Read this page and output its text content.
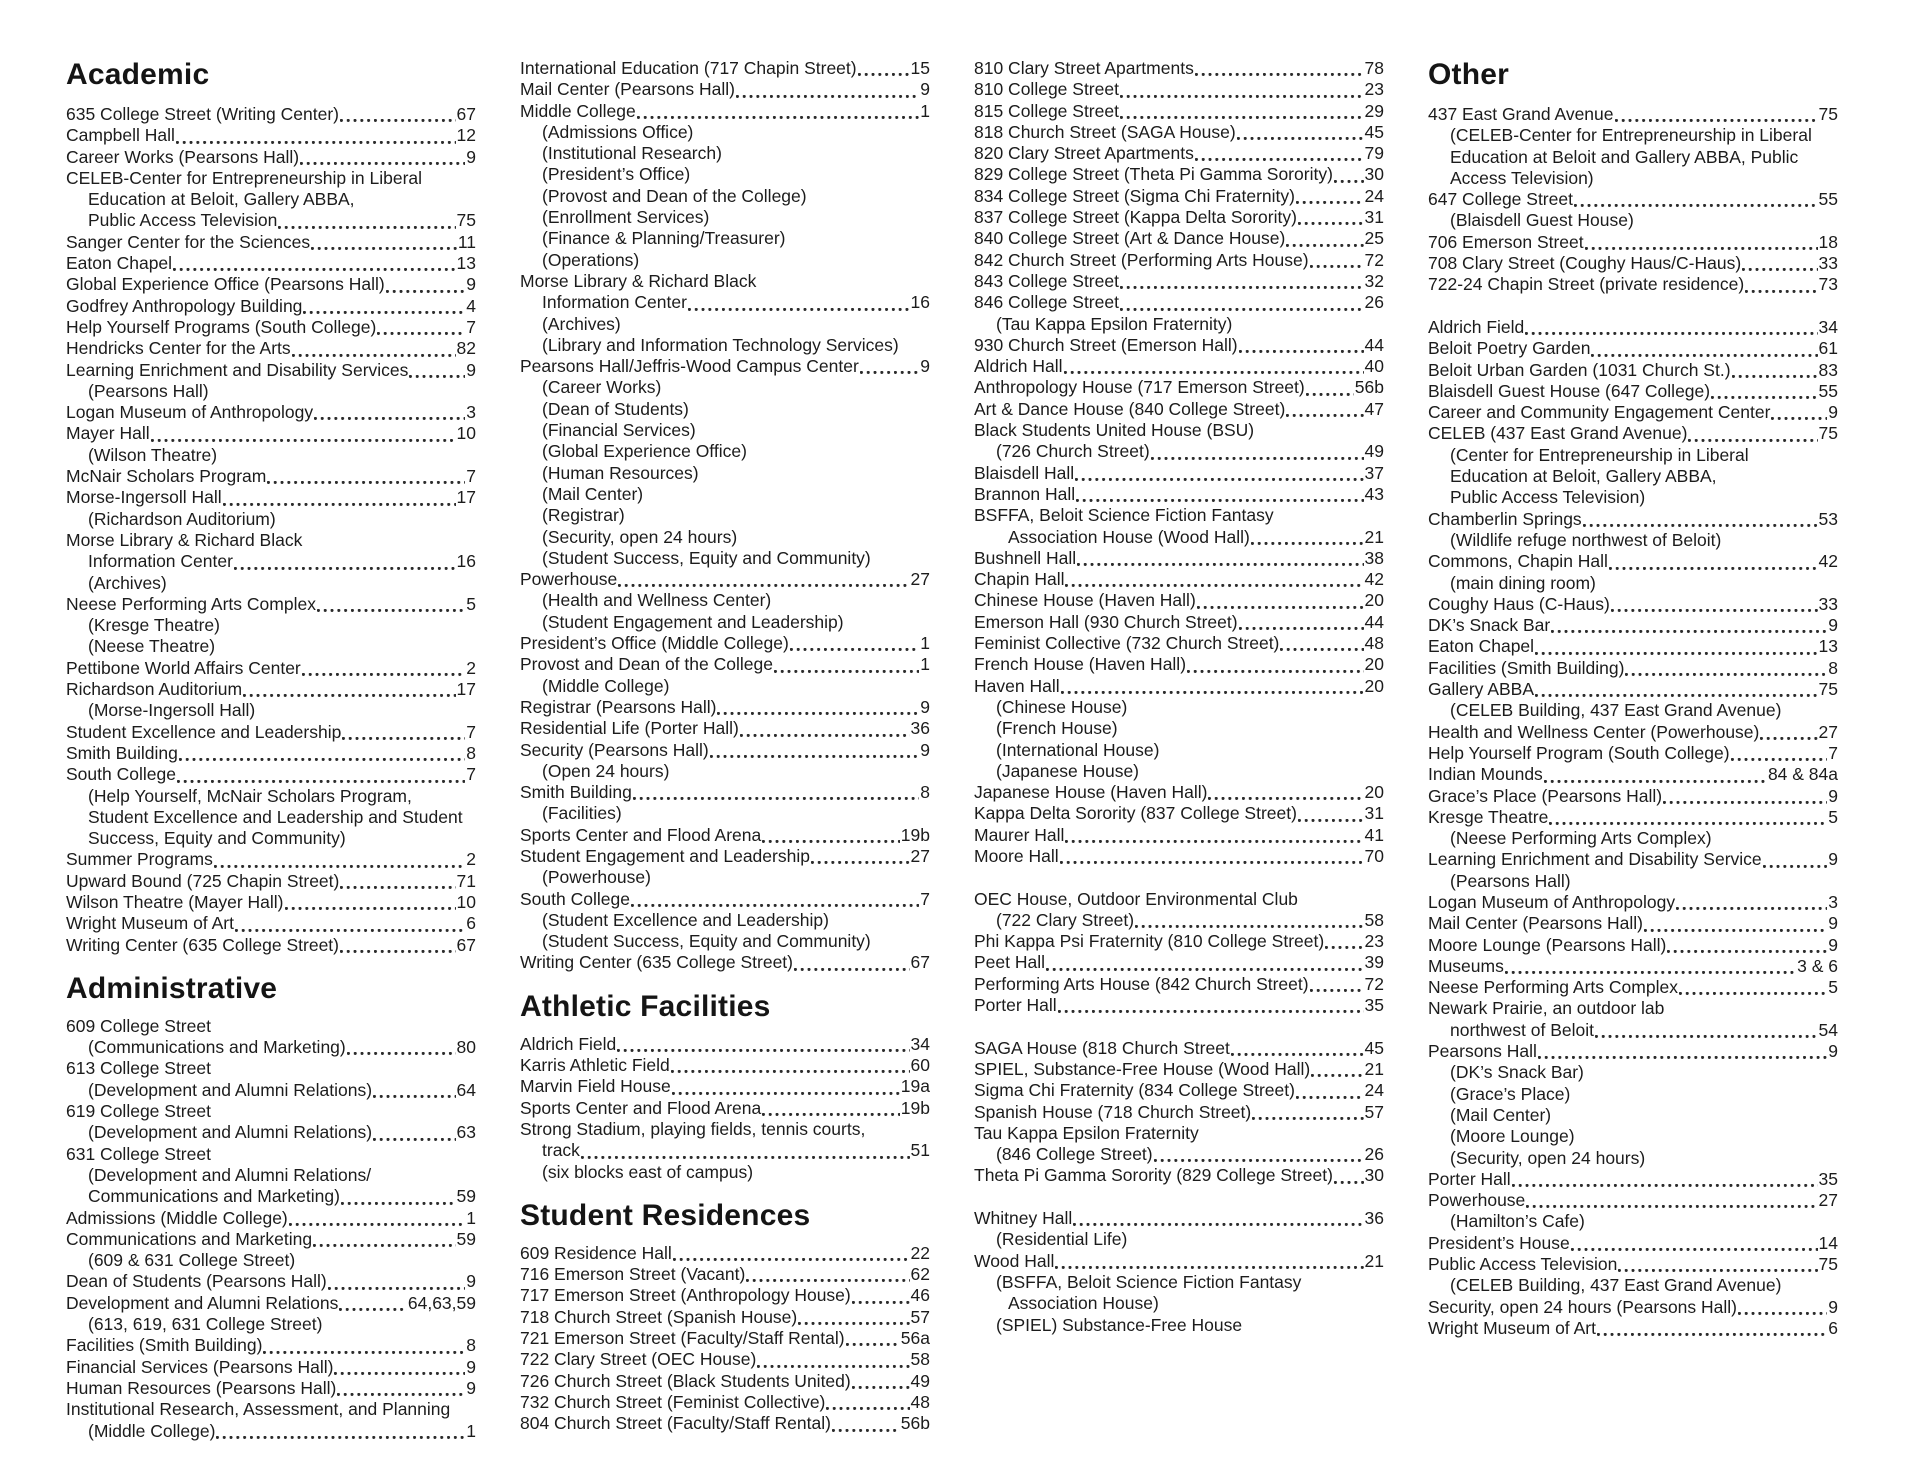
Academic
635 College Street (Writing Center)	67
Campbell Hall	12
Career Works (Pearsons Hall)	9
CELEB-Center for Entrepreneurship in Liberal
Education at Beloit, Gallery ABBA,
Public Access Television	75
Sanger Center for the Sciences	11
Eaton Chapel	13
Global Experience Office (Pearsons Hall)	9
Godfrey Anthropology Building	4
Help Yourself Programs (South College)	7
Hendricks Center for the Arts	82
Learning Enrichment and Disability Services	9
(Pearsons Hall)
Logan Museum of Anthropology	3
Mayer Hall	10
(Wilson Theatre)
McNair Scholars Program	7
Morse-Ingersoll Hall	17
(Richardson Auditorium)
Morse Library & Richard Black
Information Center	16
(Archives)
Neese Performing Arts Complex	5
(Kresge Theatre)
(Neese Theatre)
Pettibone World Affairs Center	2
Richardson Auditorium	17
(Morse-Ingersoll Hall)
Student Excellence and Leadership	7
Smith Building	8
South College	7
(Help Yourself, McNair Scholars Program,
Student Excellence and Leadership and Student
Success, Equity and Community)
Summer Programs	2
Upward Bound (725 Chapin Street)	71
Wilson Theatre (Mayer Hall)	10
Wright Museum of Art	6
Writing Center (635 College Street)	67
Administrative
609 College Street
(Communications and Marketing)	80
613 College Street
(Development and Alumni Relations)	64
619 College Street
(Development and Alumni Relations)	63
631 College Street
(Development and Alumni Relations/
Communications and Marketing)	59
Admissions (Middle College)	1
Communications and Marketing	59
(609 & 631 College Street)
Dean of Students (Pearsons Hall)	9
Development and Alumni Relations	64,63,59
(613, 619, 631 College Street)
Facilities (Smith Building)	8
Financial Services (Pearsons Hall)	9
Human Resources (Pearsons Hall)	9
Institutional Research, Assessment, and Planning
(Middle College)	1
International Education (717 Chapin Street)	15
Mail Center (Pearsons Hall)	9
Middle College	1
(Admissions Office)
(Institutional Research)
(President’s Office)
(Provost and Dean of the College)
(Enrollment Services)
(Finance & Planning/Treasurer)
(Operations)
Morse Library & Richard Black
Information Center	16
(Archives)
(Library and Information Technology Services)
Pearsons Hall/Jeffris-Wood Campus Center	9
(Career Works)
(Dean of Students)
(Financial Services)
(Global Experience Office)
(Human Resources)
(Mail Center)
(Registrar)
(Security, open 24 hours)
(Student Success, Equity and Community)
Powerhouse	27
(Health and Wellness Center)
(Student Engagement and Leadership)
President’s Office (Middle College)	1
Provost and Dean of the College	1
(Middle College)
Registrar (Pearsons Hall)	9
Residential Life (Porter Hall)	36
Security (Pearsons Hall)	9
(Open 24 hours)
Smith Building	8
(Facilities)
Sports Center and Flood Arena	19b
Student Engagement and Leadership	27
(Powerhouse)
South College	7
(Student Excellence and Leadership)
(Student Success, Equity and Community)
Writing Center (635 College Street)	67
Athletic Facilities
Aldrich Field	34
Karris Athletic Field	60
Marvin Field House	19a
Sports Center and Flood Arena	19b
Strong Stadium, playing fields, tennis courts,
track	51
(six blocks east of campus)
Student Residences
609 Residence Hall	22
716 Emerson Street (Vacant)	62
717 Emerson Street (Anthropology House)	46
718 Church Street (Spanish House)	57
721 Emerson Street (Faculty/Staff Rental)	56a
722 Clary Street (OEC House)	58
726 Church Street (Black Students United)	49
732 Church Street (Feminist Collective)	48
804 Church Street (Faculty/Staff Rental)	56b
810 Clary Street Apartments	78
810 College Street	23
815 College Street	29
818 Church Street (SAGA House)	45
820 Clary Street Apartments	79
829 College Street (Theta Pi Gamma Sorority) 30
834 College Street (Sigma Chi Fraternity)	24
837 College Street (Kappa Delta Sorority)	31
840 College Street (Art & Dance House)	25
842 Church Street (Performing Arts House)	72
843 College Street	32
846 College Street	26
(Tau Kappa Epsilon Fraternity)
930 Church Street (Emerson Hall)	44
Aldrich Hall	40
Anthropology House (717 Emerson Street)	56b
Art & Dance House (840 College Street)	47
Black Students United House (BSU)
(726 Church Street)	49
Blaisdell Hall	37
Brannon Hall	43
BSFFA, Beloit Science Fiction Fantasy
Association House (Wood Hall)	21
Bushnell Hall	38
Chapin Hall	42
Chinese House (Haven Hall)	20
Emerson Hall (930 Church Street)	44
Feminist Collective (732 Church Street)	48
French House (Haven Hall)	20
Haven Hall	20
(Chinese House)
(French House)
(International House)
(Japanese House)
Japanese House (Haven Hall)	20
Kappa Delta Sorority (837 College Street)	31
Maurer Hall	41
Moore Hall	70
OEC House, Outdoor Environmental Club
(722 Clary Street)	58
Phi Kappa Psi Fraternity (810 College Street) 23
Peet Hall	39
Performing Arts House (842 Church Street)	72
Porter Hall	35
SAGA House (818 Church Street	45
SPIEL, Substance-Free House (Wood Hall)	21
Sigma Chi Fraternity (834 College Street)	24
Spanish House (718 Church Street)	57
Tau Kappa Epsilon Fraternity
(846 College Street)	26
Theta Pi Gamma Sorority (829 College Street) 30
Whitney Hall	36
(Residential Life)
Wood Hall	21
(BSFFA, Beloit Science Fiction Fantasy
Association House)
(SPIEL) Substance-Free House
Other
437 East Grand Avenue	75
(CELEB-Center for Entrepreneurship in Liberal
Education at Beloit and Gallery ABBA, Public
Access Television)
647 College Street	55
(Blaisdell Guest House)
706 Emerson Street	18
708 Clary Street (Coughy Haus/C-Haus)	33
722-24 Chapin Street (private residence)	73
Aldrich Field	34
Beloit Poetry Garden	61
Beloit Urban Garden (1031 Church St.)	83
Blaisdell Guest House (647 College)	55
Career and Community Engagement Center	9
CELEB (437 East Grand Avenue)	75
(Center for Entrepreneurship in Liberal
Education at Beloit, Gallery ABBA,
Public Access Television)
Chamberlin Springs	53
(Wildlife refuge northwest of Beloit)
Commons, Chapin Hall	42
(main dining room)
Coughy Haus (C-Haus)	33
DK’s Snack Bar	9
Eaton Chapel	13
Facilities (Smith Building)	8
Gallery ABBA	75
(CELEB Building, 437 East Grand Avenue)
Health and Wellness Center (Powerhouse)	27
Help Yourself Program (South College)	7
Indian Mounds	84 & 84a
Grace’s Place (Pearsons Hall)	9
Kresge Theatre	5
(Neese Performing Arts Complex)
Learning Enrichment and Disability Service	9
(Pearsons Hall)
Logan Museum of Anthropology	3
Mail Center (Pearsons Hall)	9
Moore Lounge (Pearsons Hall)	9
Museums	3 & 6
Neese Performing Arts Complex	5
Newark Prairie, an outdoor lab
northwest of Beloit	54
Pearsons Hall	9
(DK’s Snack Bar)
(Grace’s Place)
(Mail Center)
(Moore Lounge)
(Security, open 24 hours)
Porter Hall	35
Powerhouse	27
(Hamilton’s Cafe)
President’s House	14
Public Access Television	75
(CELEB Building, 437 East Grand Avenue)
Security, open 24 hours (Pearsons Hall)	9
Wright Museum of Art	6
